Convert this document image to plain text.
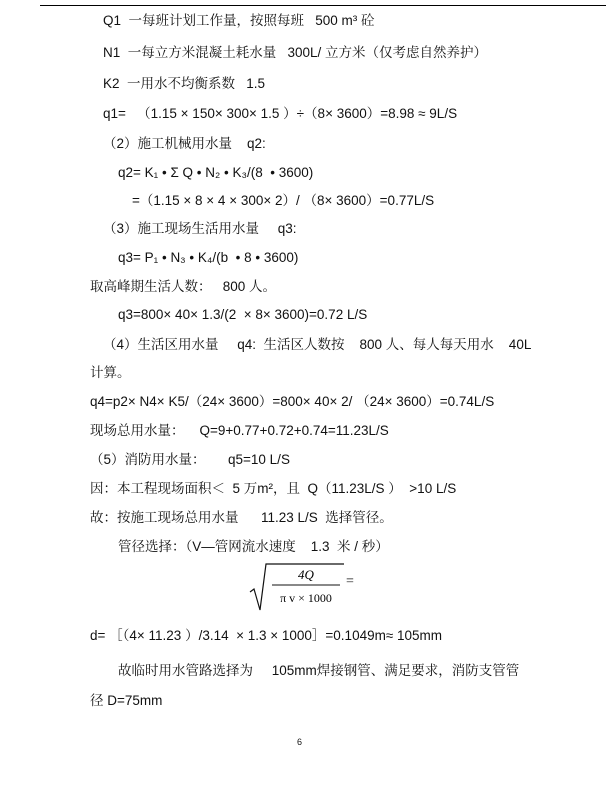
Q1  一每班计划工作量，按照每班   500 m³ 砼
N1  一每立方米混凝土耗水量   300L/ 立方米（仅考虑自然养护）
K2  一用水不均衡系数   1.5
q1=   （1.15 × 150× 300× 1.5 ）÷（8× 3600）=8.98 ≈ 9L/S
（2）施工机械用水量    q2:
q2= K₁ • Σ Q • N₂ • K₃/(8  • 3600)
=（1.15 × 8 × 4 × 300× 2）/ （8× 3600）=0.77L/S
（3）施工现场生活用水量     q3:
q3= P₁ • N₃ • K₄/(b  • 8 • 3600)
取高峰期生活人数：   800 人。
q3=800× 40× 1.3/(2  × 8× 3600)=0.72 L/S
（4）生活区用水量     q4:  生活区人数按    800 人、每人每天用水    40L
计算。
q4=p2× N4× K5/（24× 3600）=800× 40× 2/ （24× 3600）=0.74L/S
现场总用水量：    Q=9+0.77+0.72+0.74=11.23L/S
（5）消防用水量：      q5=10 L/S
因：本工程现场面积＜  5 万m²，且  Q（11.23L/S ）  >10 L/S
故：按施工现场总用水量      11.23 L/S  选择管径。
管径选择：（V—管网流水速度    1.3  米 / 秒）
4Q
π v × 1000
=
d= ［（4× 11.23 ）/3.14  × 1.3 × 1000］=0.1049m≈ 105mm
故临时用水管路选择为     105mm焊接钢管、满足要求，消防支管管
径 D=75mm
6
